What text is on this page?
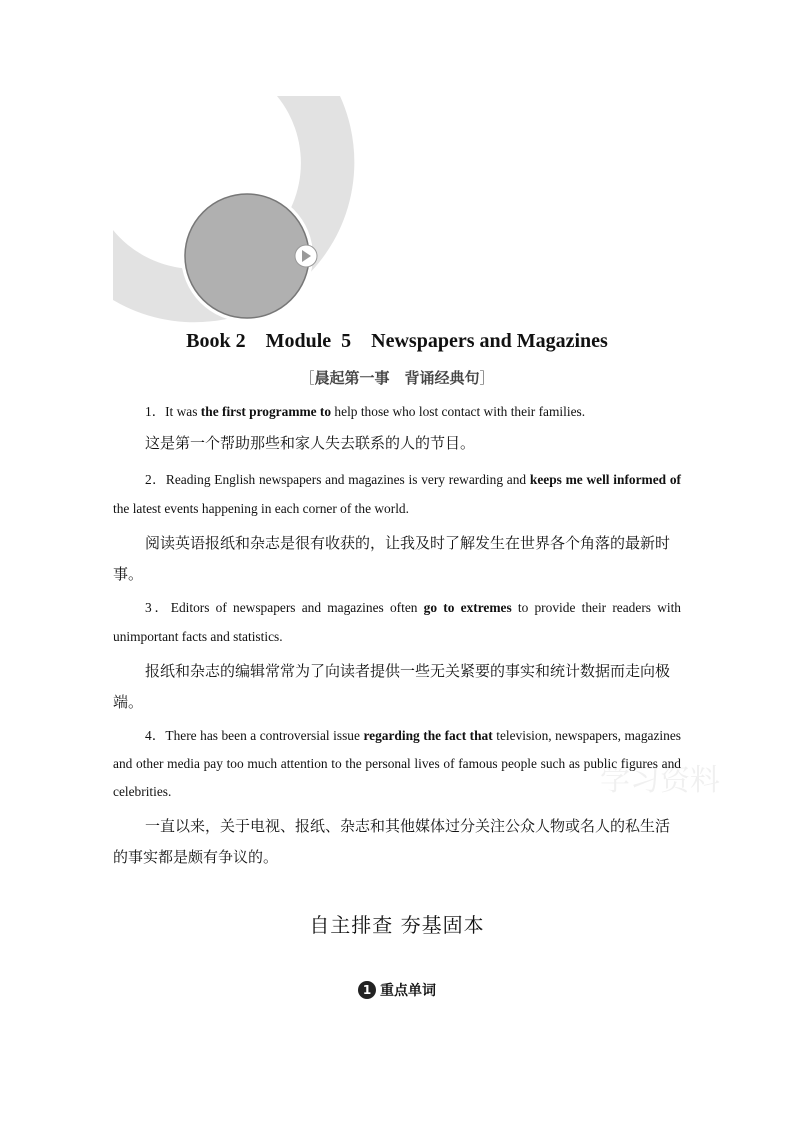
学习资料
Book 2    Module  5    Newspapers and Magazines
［晨起第一事　 背诵经典句］
1．It was the first programme to help those who lost contact with their families.
这是第一个帮助那些和家人失去联系的人的节目。
2．Reading English newspapers and magazines is very rewarding and keeps me well informed of the latest events happening in each corner of the world.
阅读英语报纸和杂志是很有收获的，让我及时了解发生在世界各个角落的最新时事。
3．Editors of newspapers and magazines often go to extremes to provide their readers with unimportant facts and statistics.
报纸和杂志的编辑常常为了向读者提供一些无关紧要的事实和统计数据而走向极端。
4．There has been a controversial issue regarding the fact that television, newspapers, magazines and other media pay too much attention to the personal lives of famous people such as public figures and celebrities.
一直以来，关于电视、报纸、杂志和其他媒体过分关注公众人物或名人的私生活的事实都是颇有争议的。
自主排查 夯基固本
1 重点单词
